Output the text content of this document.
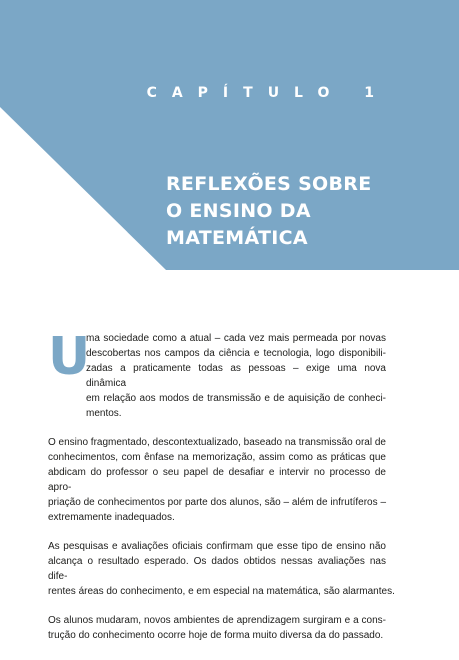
CAPÍTULO 1
REFLEXÕES SOBRE
O ENSINO DA
MATEMÁTICA
U
ma sociedade como a atual – cada vez mais permeada por novas
descobertas nos campos da ciência e tecnologia, logo disponibili-
zadas a praticamente todas as pessoas – exige uma nova dinâmica
em relação aos modos de transmissão e de aquisição de conheci-
mentos.
O ensino fragmentado, descontextualizado, baseado na transmissão oral de
conhecimentos, com ênfase na memorização, assim como as práticas que
abdicam do professor o seu papel de desafiar e intervir no processo de apro-
priação de conhecimentos por parte dos alunos, são – além de infrutíferos –
extremamente inadequados.
As pesquisas e avaliações oficiais confirmam que esse tipo de ensino não
alcança o resultado esperado. Os dados obtidos nessas avaliações nas dife-
rentes áreas do conhecimento, e em especial na matemática, são alarmantes.
Os alunos mudaram, novos ambientes de aprendizagem surgiram e a cons-
trução do conhecimento ocorre hoje de forma muito diversa da do passado.
